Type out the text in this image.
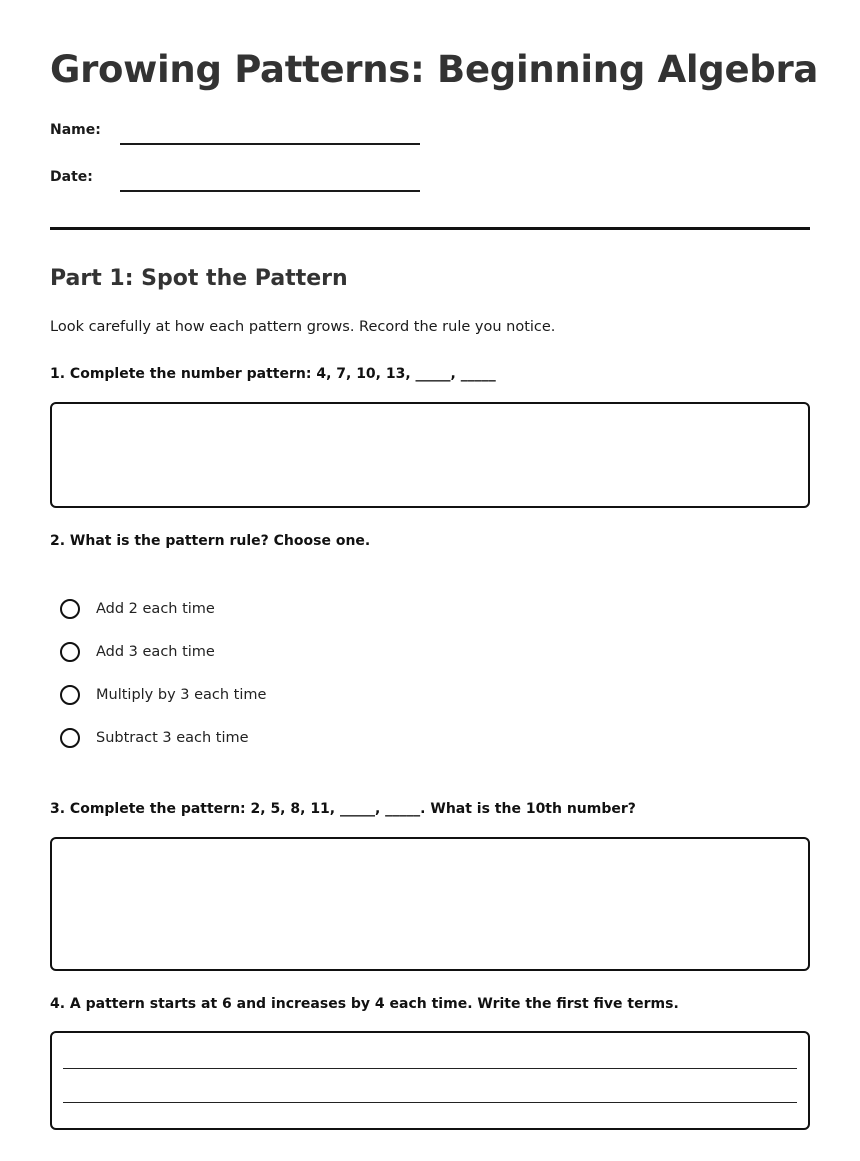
Growing Patterns: Beginning Algebra
Name:
Date:
Part 1: Spot the Pattern
Look carefully at how each pattern grows. Record the rule you notice.
1. Complete the number pattern: 4, 7, 10, 13, _____, _____
2. What is the pattern rule? Choose one.
Add 2 each time
Add 3 each time
Multiply by 3 each time
Subtract 3 each time
3. Complete the pattern: 2, 5, 8, 11, _____, _____. What is the 10th number?
4. A pattern starts at 6 and increases by 4 each time. Write the first five terms.
